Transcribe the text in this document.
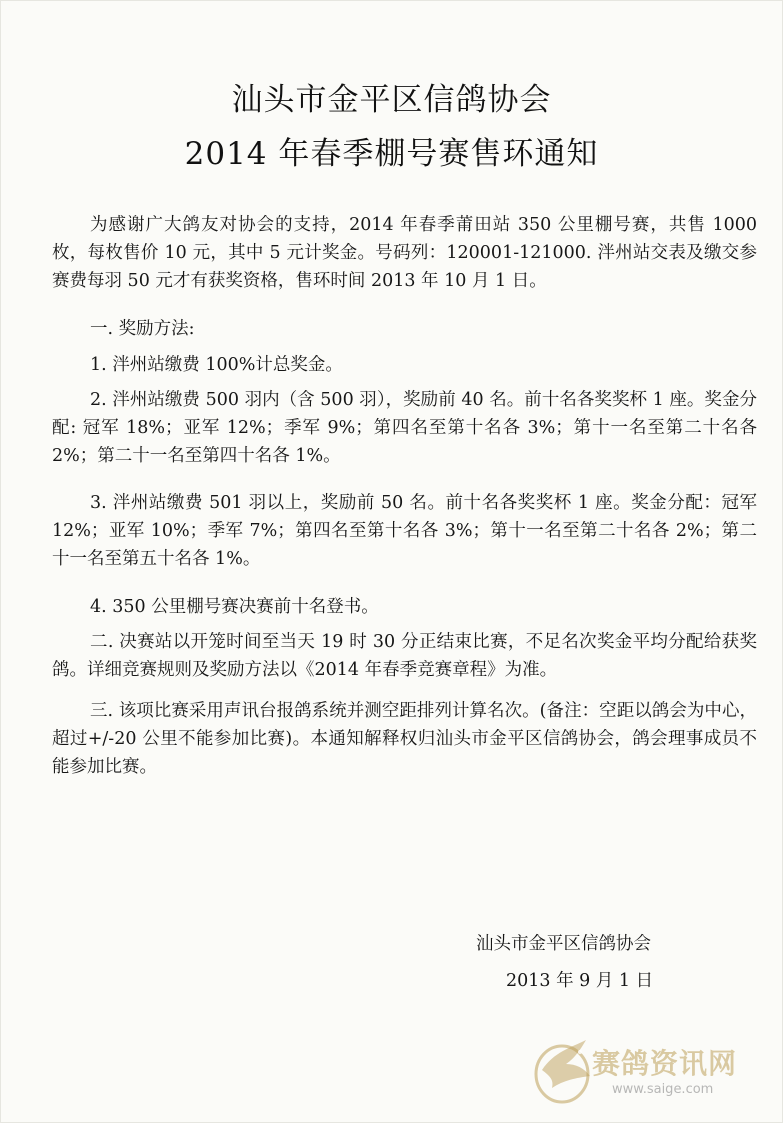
汕头市金平区信鸽协会
2014 年春季棚号赛售环通知
为感谢广大鸽友对协会的支持，2014 年春季莆田站 350 公里棚号赛，共售 1000 枚，每枚售价 10 元，其中 5 元计奖金。号码列：120001-121000. 泮州站交表及缴交参赛费每羽 50 元才有获奖资格，售环时间 2013 年 10 月 1 日。
一. 奖励方法:
1. 泮州站缴费 100%计总奖金。
2. 泮州站缴费 500 羽内（含 500 羽），奖励前 40 名。前十名各奖奖杯 1 座。奖金分配: 冠军 18%；亚军 12%；季军 9%；第四名至第十名各 3%；第十一名至第二十名各 2%；第二十一名至第四十名各 1%。
3. 泮州站缴费 501 羽以上，奖励前 50 名。前十名各奖奖杯 1 座。奖金分配：冠军 12%；亚军 10%；季军 7%；第四名至第十名各 3%；第十一名至第二十名各 2%；第二十一名至第五十名各 1%。
4. 350 公里棚号赛决赛前十名登书。
二. 决赛站以开笼时间至当天 19 时 30 分正结束比赛，不足名次奖金平均分配给获奖鸽。详细竞赛规则及奖励方法以《2014 年春季竞赛章程》为准。
三. 该项比赛采用声讯台报鸽系统并测空距排列计算名次。(备注：空距以鸽会为中心，超过+/-20 公里不能参加比赛)。本通知解释权归汕头市金平区信鸽协会，鸽会理事成员不能参加比赛。
汕头市金平区信鸽协会
2013 年 9 月 1 日
赛鸽资讯网
www.saige.com
